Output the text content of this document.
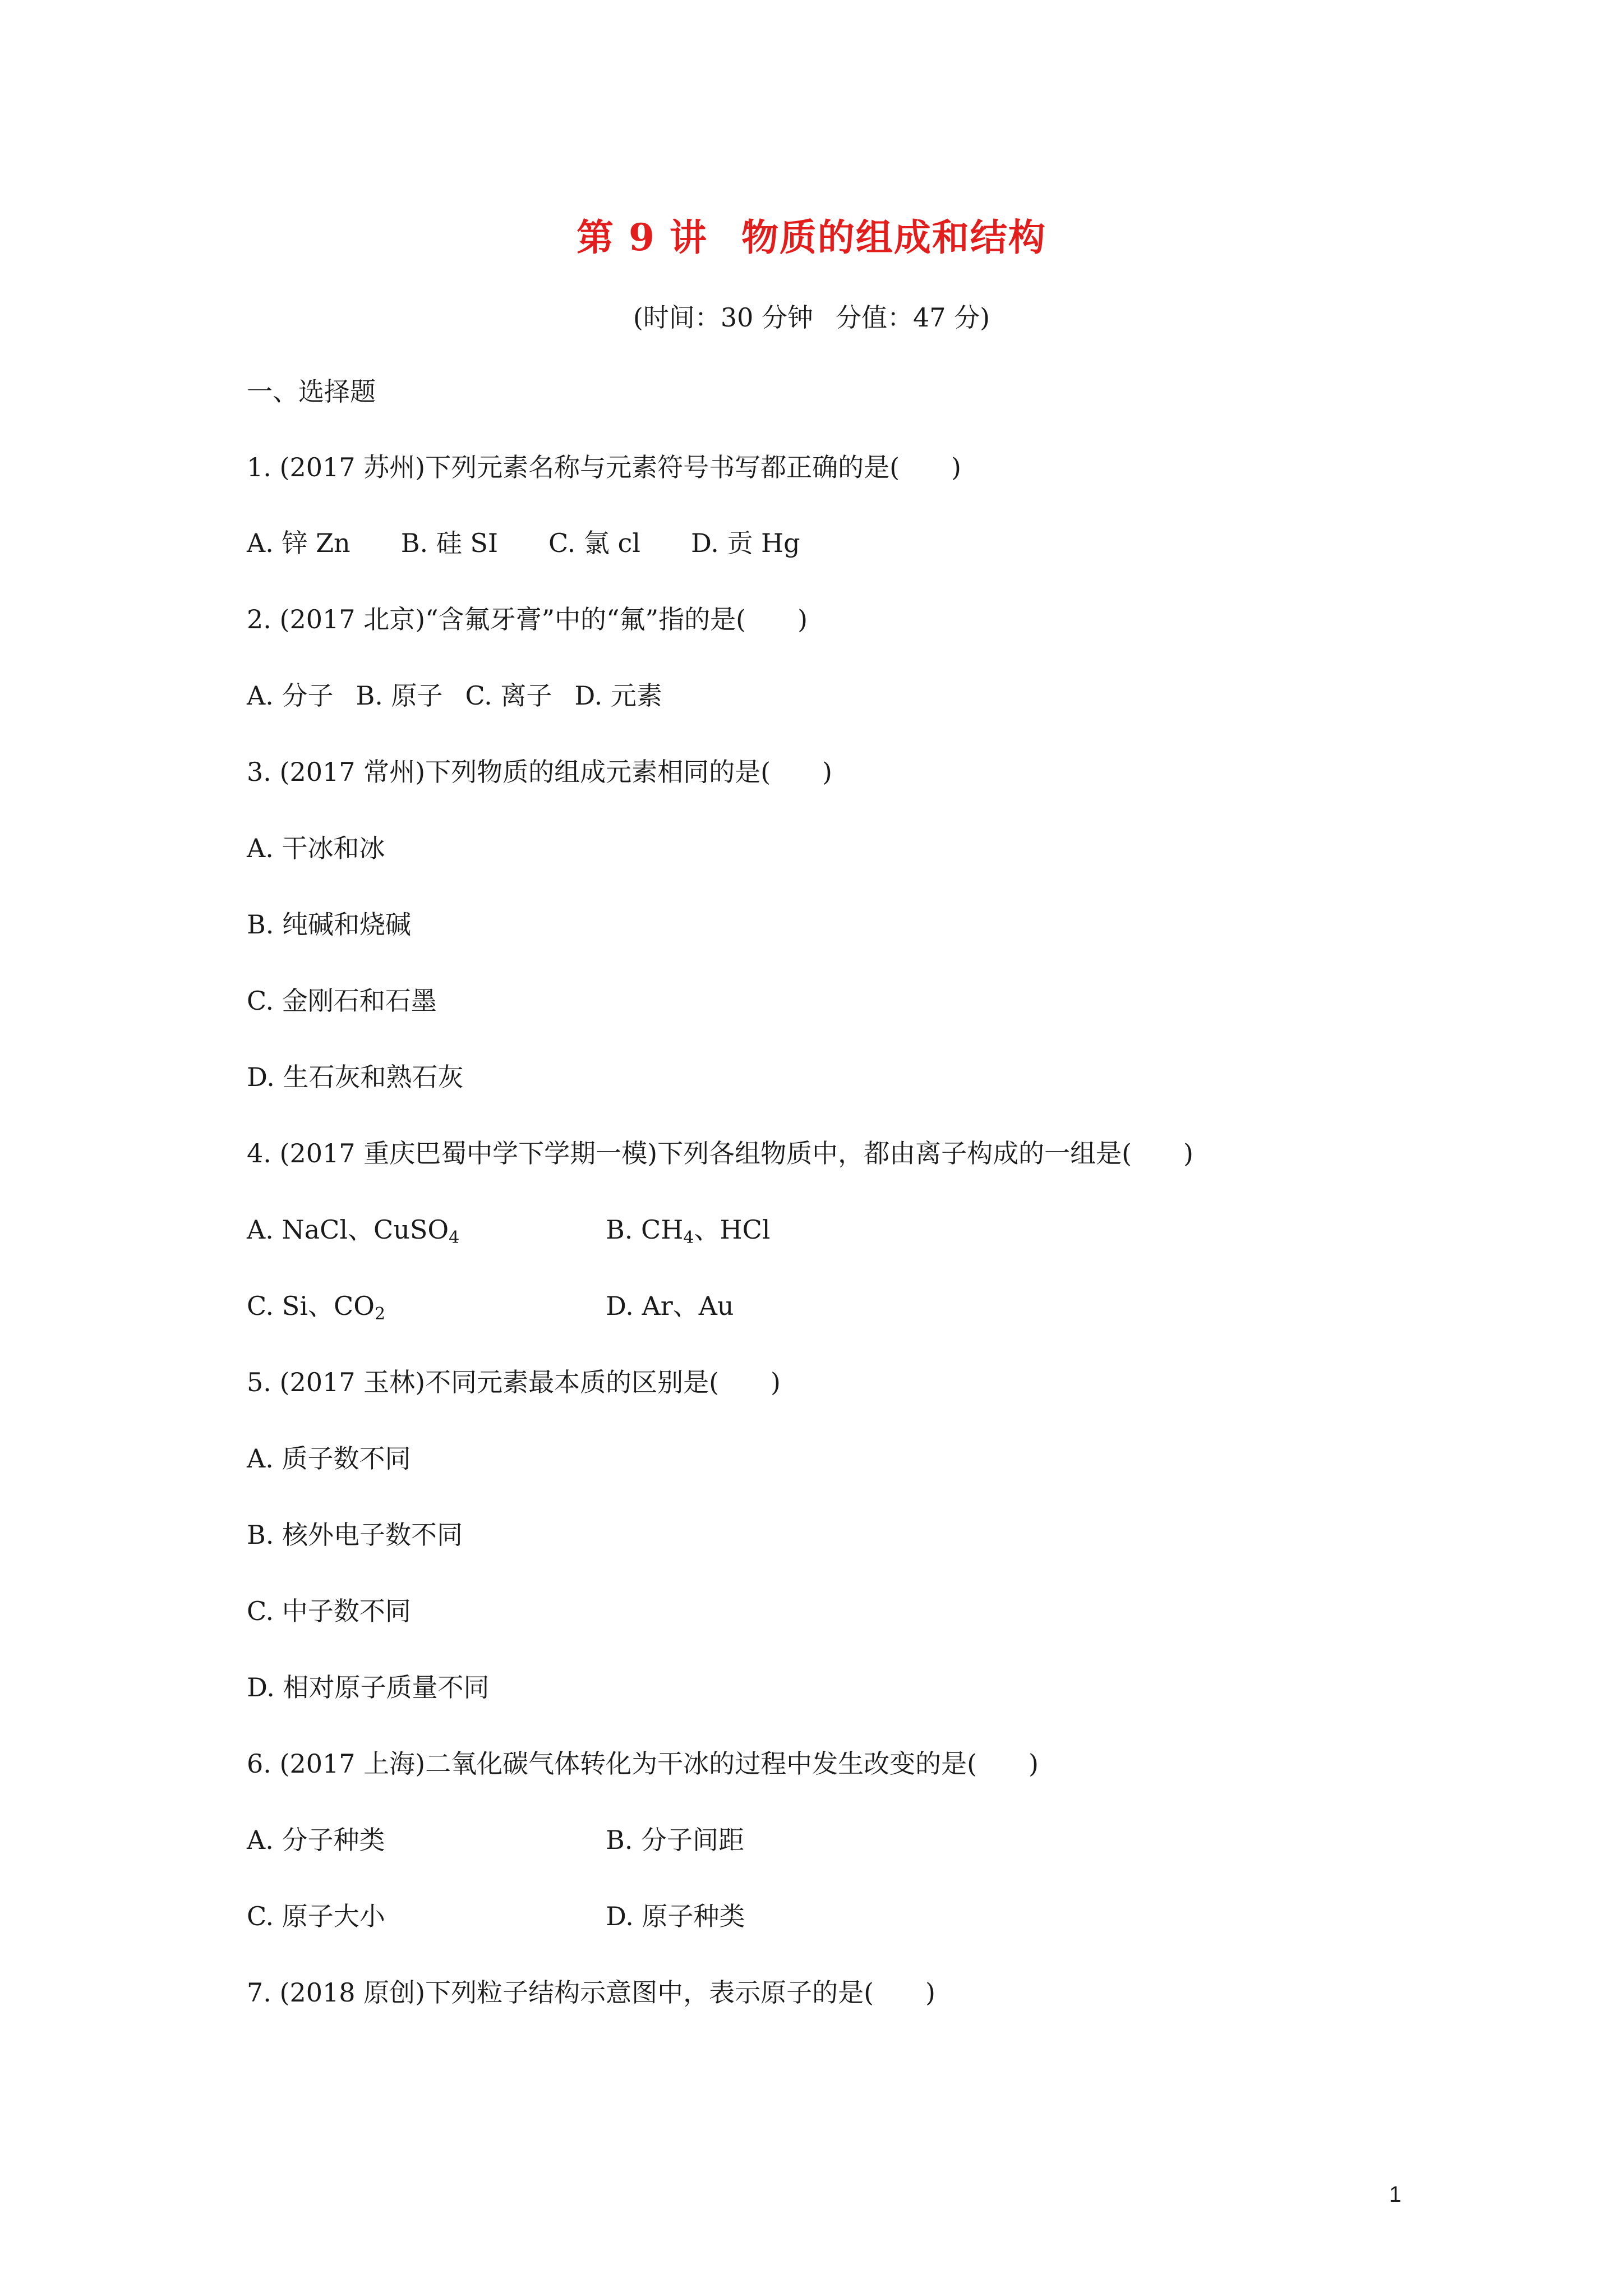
第 9 讲 物质的组成和结构
(时间：30 分钟 分值：47 分)
一、选择题
1. (2017 苏州)下列元素名称与元素符号书写都正确的是(　　)
A. 锌 Zn B. 硅 SI C. 氯 cl D. 贡 Hg
2. (2017 北京)“含氟牙膏”中的“氟”指的是(　　)
A. 分子 B. 原子 C. 离子 D. 元素
3. (2017 常州)下列物质的组成元素相同的是(　　)
A. 干冰和冰
B. 纯碱和烧碱
C. 金刚石和石墨
D. 生石灰和熟石灰
4. (2017 重庆巴蜀中学下学期一模)下列各组物质中，都由离子构成的一组是(　　)
A. NaCl、CuSO$_4$	B. $CH_4$、HCl
C. Si、$CO_2$	D. Ar、Au
5. (2017 玉林)不同元素最本质的区别是(　　)
A. 质子数不同
B. 核外电子数不同
C. 中子数不同
D. 相对原子质量不同
6. (2017 上海)二氧化碳气体转化为干冰的过程中发生改变的是(　　)
A. 分子种类	B. 分子间距
C. 原子大小	D. 原子种类
7. (2018 原创)下列粒子结构示意图中，表示原子的是(　　)
1
